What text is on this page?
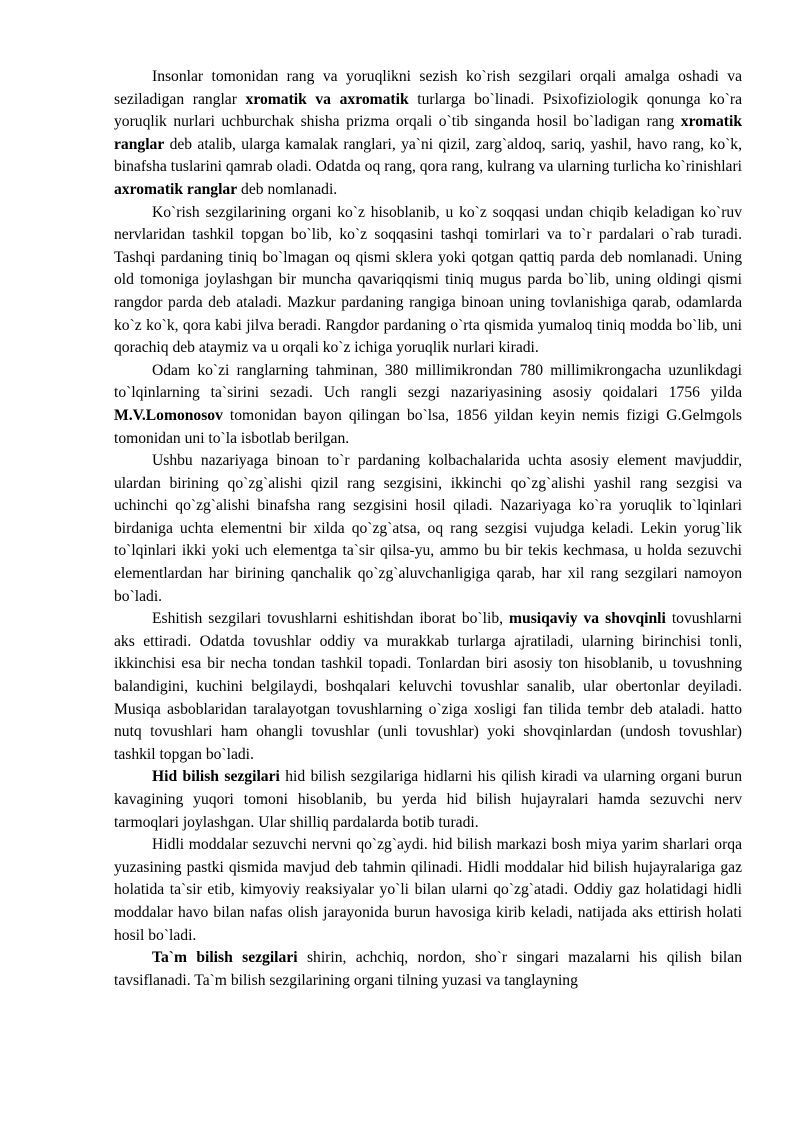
Insonlar tomonidan rang va yoruqlikni sezish ko`rish sezgilari orqali amalga oshadi va seziladigan ranglar xromatik va axromatik turlarga bo`linadi. Psixofiziologik qonunga ko`ra yoruqlik nurlari uchburchak shisha prizma orqali o`tib singanda hosil bo`ladigan rang xromatik ranglar deb atalib, ularga kamalak ranglari, ya`ni qizil, zarg`aldoq, sariq, yashil, havo rang, ko`k, binafsha tuslarini qamrab oladi. Odatda oq rang, qora rang, kulrang va ularning turlicha ko`rinishlari axromatik ranglar deb nomlanadi.

Ko`rish sezgilarining organi ko`z hisoblanib, u ko`z soqqasi undan chiqib keladigan ko`ruv nervlaridan tashkil topgan bo`lib, ko`z soqqasini tashqi tomirlari va to`r pardalari o`rab turadi. Tashqi pardaning tiniq bo`lmagan oq qismi sklera yoki qotgan qattiq parda deb nomlanadi. Uning old tomoniga joylashgan bir muncha qavariqqismi tiniq mugus parda bo`lib, uning oldingi qismi rangdor parda deb ataladi. Mazkur pardaning rangiga binoan uning tovlanishiga qarab, odamlarda ko`z ko`k, qora kabi jilva beradi. Rangdor pardaning o`rta qismida yumaloq tiniq modda bo`lib, uni qorachiq deb ataymiz va u orqali ko`z ichiga yoruqlik nurlari kiradi.

Odam ko`zi ranglarning tahminan, 380 millimikrondan 780 millimikrongacha uzunlikdagi to`lqinlarning ta`sirini sezadi. Uch rangli sezgi nazariyasining asosiy qoidalari 1756 yilda M.V.Lomonosov tomonidan bayon qilingan bo`lsa, 1856 yildan keyin nemis fizigi G.Gelmgols tomonidan uni to`la isbotlab berilgan.

Ushbu nazariyaga binoan to`r pardaning kolbachalarida uchta asosiy element mavjuddir, ulardan birining qo`zg`alishi qizil rang sezgisini, ikkinchi qo`zg`alishi yashil rang sezgisi va uchinchi qo`zg`alishi binafsha rang sezgisini hosil qiladi. Nazariyaga ko`ra yoruqlik to`lqinlari birdaniga uchta elementni bir xilda qo`zg`atsa, oq rang sezgisi vujudga keladi. Lekin yorug`lik to`lqinlari ikki yoki uch elementga ta`sir qilsa-yu, ammo bu bir tekis kechmasa, u holda sezuvchi elementlardan har birining qanchalik qo`zg`aluvchanligiga qarab, har xil rang sezgilari namoyon bo`ladi.

Eshitish sezgilari tovushlarni eshitishdan iborat bo`lib, musiqaviy va shovqinli tovushlarni aks ettiradi. Odatda tovushlar oddiy va murakkab turlarga ajratiladi, ularning birinchisi tonli, ikkinchisi esa bir necha tondan tashkil topadi. Tonlardan biri asosiy ton hisoblanib, u tovushning balandigini, kuchini belgilaydi, boshqalari keluvchi tovushlar sanalib, ular obertonlar deyiladi. Musiqa asboblaridan taralayotgan tovushlarning o`ziga xosligi fan tilida tembr deb ataladi. hatto nutq tovushlari ham ohangli tovushlar (unli tovushlar) yoki shovqinlardan (undosh tovushlar) tashkil topgan bo`ladi.

Hid bilish sezgilari hid bilish sezgilariga hidlarni his qilish kiradi va ularning organi burun kavagining yuqori tomoni hisoblanib, bu yerda hid bilish hujayralari hamda sezuvchi nerv tarmoqlari joylashgan. Ular shilliq pardalarda botib turadi.

Hidli moddalar sezuvchi nervni qo`zg`aydi. hid bilish markazi bosh miya yarim sharlari orqa yuzasining pastki qismida mavjud deb tahmin qilinadi. Hidli moddalar hid bilish hujayralariga gaz holatida ta`sir etib, kimyoviy reaksiyalar yo`li bilan ularni qo`zg`atadi. Oddiy gaz holatidagi hidli moddalar havo bilan nafas olish jarayonida burun havosiga kirib keladi, natijada aks ettirish holati hosil bo`ladi.

Ta`m bilish sezgilari shirin, achchiq, nordon, sho`r singari mazalarni his qilish bilan tavsiflanadi. Ta`m bilish sezgilarining organi tilning yuzasi va tanglayning
